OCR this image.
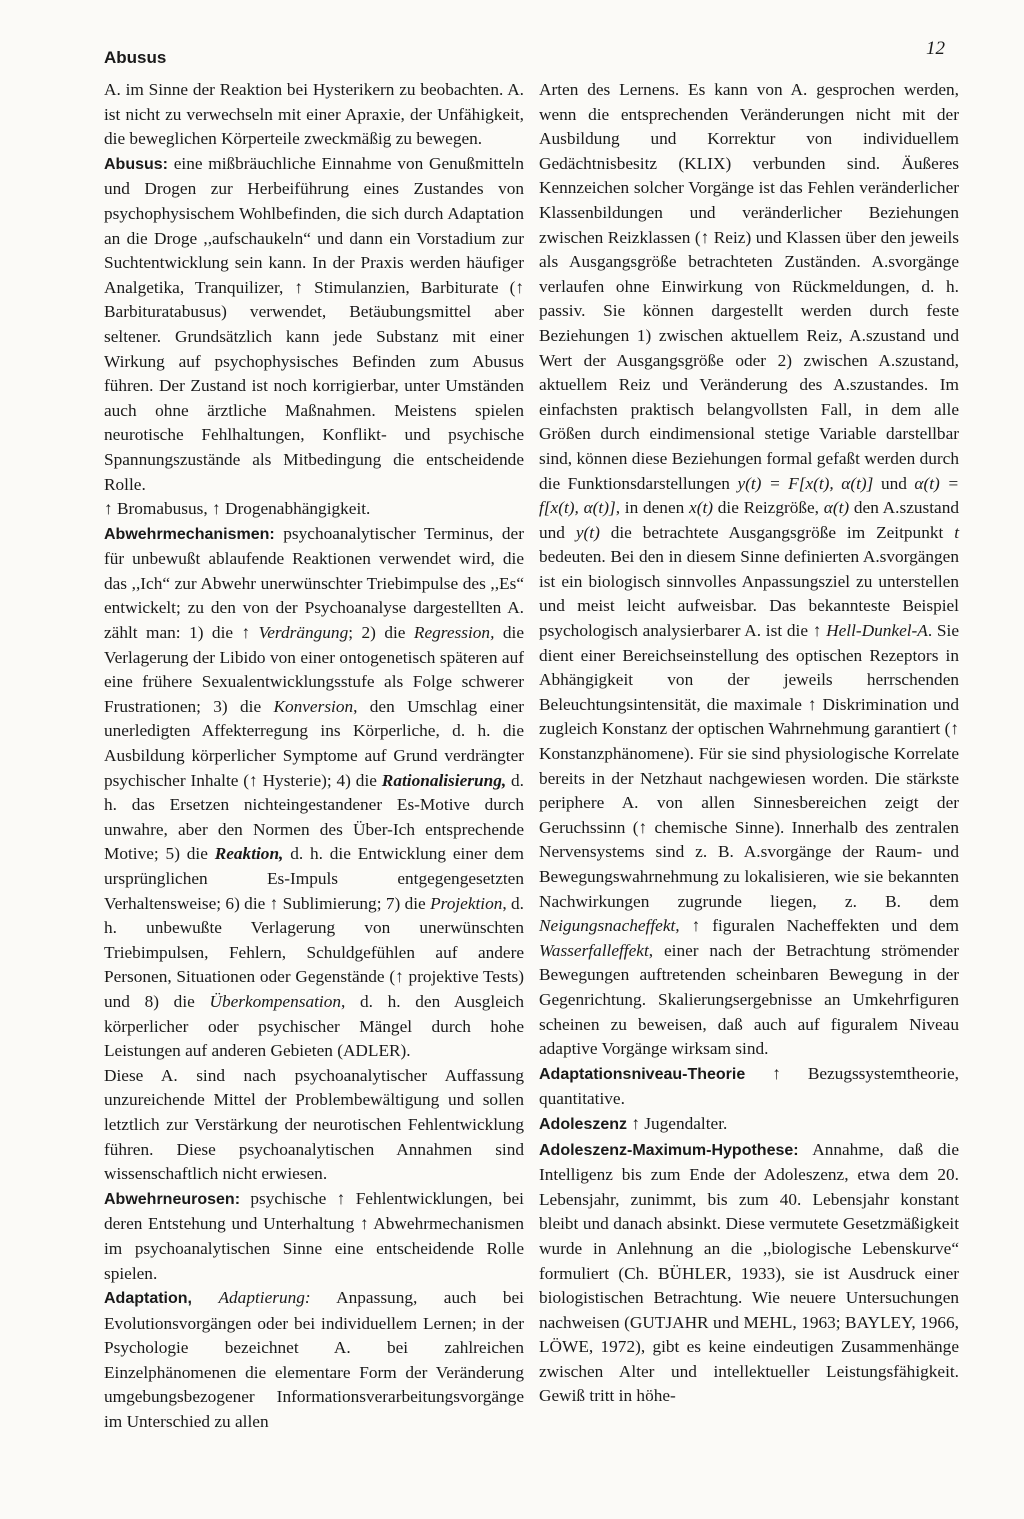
Abusus	12

A. im Sinne der Reaktion bei Hysterikern zu beobachten. A. ist nicht zu verwechseln mit einer Apraxie, der Unfähigkeit, die beweglichen Körperteile zweckmäßig zu bewegen.

Abusus: eine mißbräuchliche Einnahme von Genußmitteln und Drogen zur Herbeiführung eines Zustandes von psychophysischem Wohlbefinden, die sich durch Adaptation an die Droge ,,aufschaukeln“ und dann ein Vorstadium zur Suchtentwicklung sein kann. In der Praxis werden häufiger Analgetika, Tranquilizer, ↑ Stimulanzien, Barbiturate (↑ Barbituratabusus) verwendet, Betäubungsmittel aber seltener. Grundsätzlich kann jede Substanz mit einer Wirkung auf psychophysisches Befinden zum Abusus führen. Der Zustand ist noch korrigierbar, unter Umständen auch ohne ärztliche Maßnahmen. Meistens spielen neurotische Fehlhaltungen, Konflikt- und psychische Spannungszustände als Mitbedingung die entscheidende Rolle.

↑ Bromabusus, ↑ Drogenabhängigkeit.

Abwehrmechanismen: psychoanalytischer Terminus, der für unbewußt ablaufende Reaktionen verwendet wird, die das ,,Ich“ zur Abwehr unerwünschter Triebimpulse des ,,Es“ entwickelt; zu den von der Psychoanalyse dargestellten A. zählt man: 1) die ↑ Verdrängung; 2) die Regression, die Verlagerung der Libido von einer ontogenetisch späteren auf eine frühere Sexualentwicklungsstufe als Folge schwerer Frustrationen; 3) die Konversion, den Umschlag einer unerledigten Affekterregung ins Körperliche, d. h. die Ausbildung körperlicher Symptome auf Grund verdrängter psychischer Inhalte (↑ Hysterie); 4) die Rationalisierung, d. h. das Ersetzen nichteingestandener Es-Motive durch unwahre, aber den Normen des Über-Ich entsprechende Motive; 5) die Reaktion, d. h. die Entwicklung einer dem ursprünglichen Es-Impuls entgegengesetzten Verhaltensweise; 6) die ↑ Sublimierung; 7) die Projektion, d. h. unbewußte Verlagerung von unerwünschten Triebimpulsen, Fehlern, Schuldgefühlen auf andere Personen, Situationen oder Gegenstände (↑ projektive Tests) und 8) die Überkompensation, d. h. den Ausgleich körperlicher oder psychischer Mängel durch hohe Leistungen auf anderen Gebieten (ADLER).

Diese A. sind nach psychoanalytischer Auffassung unzureichende Mittel der Problembewältigung und sollen letztlich zur Verstärkung der neurotischen Fehlentwicklung führen. Diese psychoanalytischen Annahmen sind wissenschaftlich nicht erwiesen.

Abwehrneurosen: psychische ↑ Fehlentwicklungen, bei deren Entstehung und Unterhaltung ↑ Abwehrmechanismen im psychoanalytischen Sinne eine entscheidende Rolle spielen.

Adaptation, Adaptierung: Anpassung, auch bei Evolutionsvorgängen oder bei individuellem Lernen; in der Psychologie bezeichnet A. bei zahlreichen Einzelphänomenen die elementare Form der Veränderung umgebungsbezogener Informationsverarbeitungsvorgänge im Unterschied zu allen

Arten des Lernens. Es kann von A. gesprochen werden, wenn die entsprechenden Veränderungen nicht mit der Ausbildung und Korrektur von individuellem Gedächtnisbesitz (KLIX) verbunden sind. Äußeres Kennzeichen solcher Vorgänge ist das Fehlen veränderlicher Klassenbildungen und veränderlicher Beziehungen zwischen Reizklassen (↑ Reiz) und Klassen über den jeweils als Ausgangsgröße betrachteten Zuständen. A.svorgänge verlaufen ohne Einwirkung von Rückmeldungen, d. h. passiv. Sie können dargestellt werden durch feste Beziehungen 1) zwischen aktuellem Reiz, A.szustand und Wert der Ausgangsgröße oder 2) zwischen A.szustand, aktuellem Reiz und Veränderung des A.szustandes. Im einfachsten praktisch belangvollsten Fall, in dem alle Größen durch eindimensional stetige Variable darstellbar sind, können diese Beziehungen formal gefaßt werden durch die Funktionsdarstellungen y(t) = F[x(t), α(t)] und α(t) = f[x(t), α(t)], in denen x(t) die Reizgröße, α(t) den A.szustand und y(t) die betrachtete Ausgangsgröße im Zeitpunkt t bedeuten. Bei den in diesem Sinne definierten A.svorgängen ist ein biologisch sinnvolles Anpassungsziel zu unterstellen und meist leicht aufweisbar. Das bekannteste Beispiel psychologisch analysierbarer A. ist die ↑ Hell-Dunkel-A. Sie dient einer Bereichseinstellung des optischen Rezeptors in Abhängigkeit von der jeweils herrschenden Beleuchtungsintensität, die maximale ↑ Diskrimination und zugleich Konstanz der optischen Wahrnehmung garantiert (↑ Konstanzphänomene). Für sie sind physiologische Korrelate bereits in der Netzhaut nachgewiesen worden. Die stärkste periphere A. von allen Sinnesbereichen zeigt der Geruchssinn (↑ chemische Sinne). Innerhalb des zentralen Nervensystems sind z. B. A.svorgänge der Raum- und Bewegungswahrnehmung zu lokalisieren, wie sie bekannten Nachwirkungen zugrunde liegen, z. B. dem Neigungsnacheffekt, ↑ figuralen Nacheffekten und dem Wasserfalleffekt, einer nach der Betrachtung strömender Bewegungen auftretenden scheinbaren Bewegung in der Gegenrichtung. Skalierungsergebnisse an Umkehrfiguren scheinen zu beweisen, daß auch auf figuralem Niveau adaptive Vorgänge wirksam sind.

Adaptationsniveau-Theorie ↑ Bezugssystemtheorie, quantitative.

Adoleszenz ↑ Jugendalter.

Adoleszenz-Maximum-Hypothese: Annahme, daß die Intelligenz bis zum Ende der Adoleszenz, etwa dem 20. Lebensjahr, zunimmt, bis zum 40. Lebensjahr konstant bleibt und danach absinkt. Diese vermutete Gesetzmäßigkeit wurde in Anlehnung an die ,,biologische Lebenskurve“ formuliert (Ch. BÜHLER, 1933), sie ist Ausdruck einer biologistischen Betrachtung. Wie neuere Untersuchungen nachweisen (GUTJAHR und MEHL, 1963; BAYLEY, 1966, LÖWE, 1972), gibt es keine eindeutigen Zusammenhänge zwischen Alter und intellektueller Leistungsfähigkeit. Gewiß tritt in höhe-
